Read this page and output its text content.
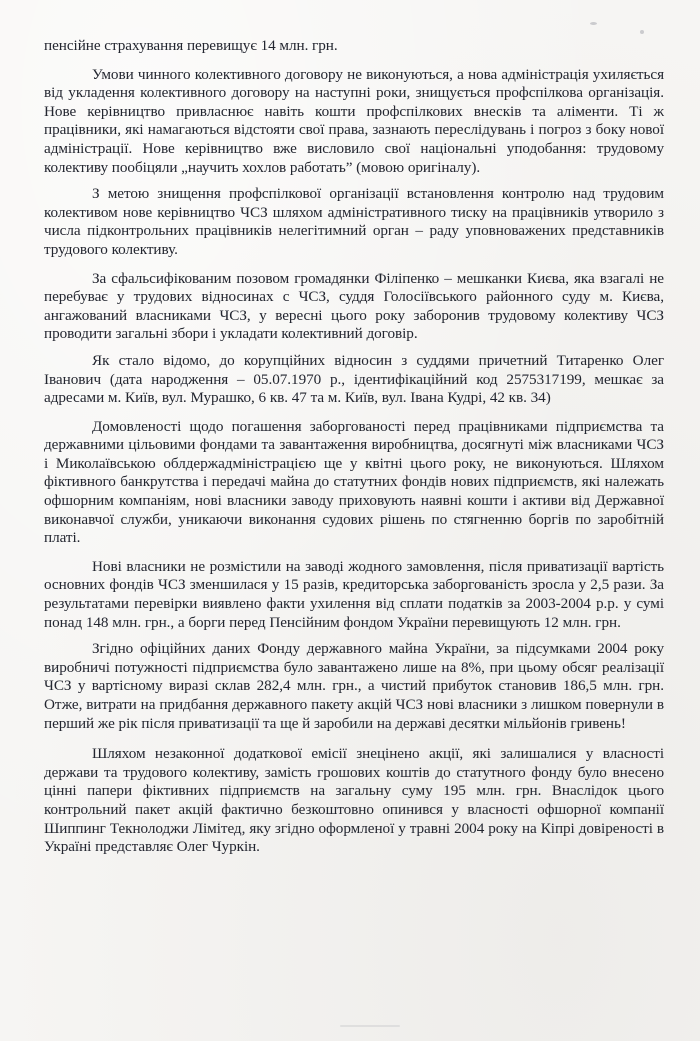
пенсійне страхування перевищує 14 млн. грн.

Умови чинного колективного договору не виконуються, а нова адміністрація ухиляється від укладення колективного договору на наступні роки, знищується профспілкова організація. Нове керівництво привласнює навіть кошти профспілкових внесків та аліменти. Ті ж працівники, які намагаються відстояти свої права, зазнають переслідувань і погроз з боку нової адміністрації. Нове керівництво вже висловило свої національні уподобання: трудовому колективу пообіцяли „научить хохлов работать” (мовою оригіналу).

З метою знищення профспілкової організації встановлення контролю над трудовим колективом нове керівництво ЧСЗ шляхом адміністративного тиску на працівників утворило з числа підконтрольних працівників нелегітимний орган – раду уповноважених представників трудового колективу.

За сфальсифікованим позовом громадянки Філіпенко – мешканки Києва, яка взагалі не перебуває у трудових відносинах с ЧСЗ, суддя Голосіївського районного суду м. Києва, ангажований власниками ЧСЗ, у вересні цього року заборонив трудовому колективу ЧСЗ проводити загальні збори і укладати колективний договір.

Як стало відомо, до корупційних відносин з суддями причетний Титаренко Олег Іванович (дата народження – 05.07.1970 р., ідентифікаційний код 2575317199, мешкає за адресами м. Київ, вул. Мурашко, 6 кв. 47 та м. Київ, вул. Івана Кудрі, 42 кв. 34)

Домовленості щодо погашення заборгованості перед працівниками підприємства та державними цільовими фондами та завантаження виробництва, досягнуті між власниками ЧСЗ і Миколаївською облдержадміністрацією ще у квітні цього року, не виконуються. Шляхом фіктивного банкрутства і передачі майна до статутних фондів нових підприємств, які належать офшорним компаніям, нові власники заводу приховують наявні кошти і активи від Державної виконавчої служби, уникаючи виконання судових рішень по стягненню боргів по заробітній платі.

Нові власники не розмістили на заводі жодного замовлення, після приватизації вартість основних фондів ЧСЗ зменшилася у 15 разів, кредиторська заборгованість зросла у 2,5 рази. За результатами перевірки виявлено факти ухилення від сплати податків за 2003-2004 р.р. у сумі понад 148 млн. грн., а борги перед Пенсійним фондом України перевищують 12 млн. грн.

Згідно офіційних даних Фонду державного майна України, за підсумками 2004 року виробничі потужності підприємства було завантажено лише на 8%, при цьому обсяг реалізації ЧСЗ у вартісному виразі склав 282,4 млн. грн., а чистий прибуток становив 186,5 млн. грн. Отже, витрати на придбання державного пакету акцій ЧСЗ нові власники з лишком повернули в перший же рік після приватизації та ще й заробили на державі десятки мільйонів гривень!

Шляхом незаконної додаткової емісії знецінено акції, які залишалися у власності держави та трудового колективу, замість грошових коштів до статутного фонду було внесено цінні папери фіктивних підприємств на загальну суму 195 млн. грн. Внаслідок цього контрольний пакет акцій фактично безкоштовно опинився у власності офшорної компанії Шиппинг Текнолоджи Лімітед, яку згідно оформленої у травні 2004 року на Кіпрі довіреності в Україні представляє Олег Чуркін.
